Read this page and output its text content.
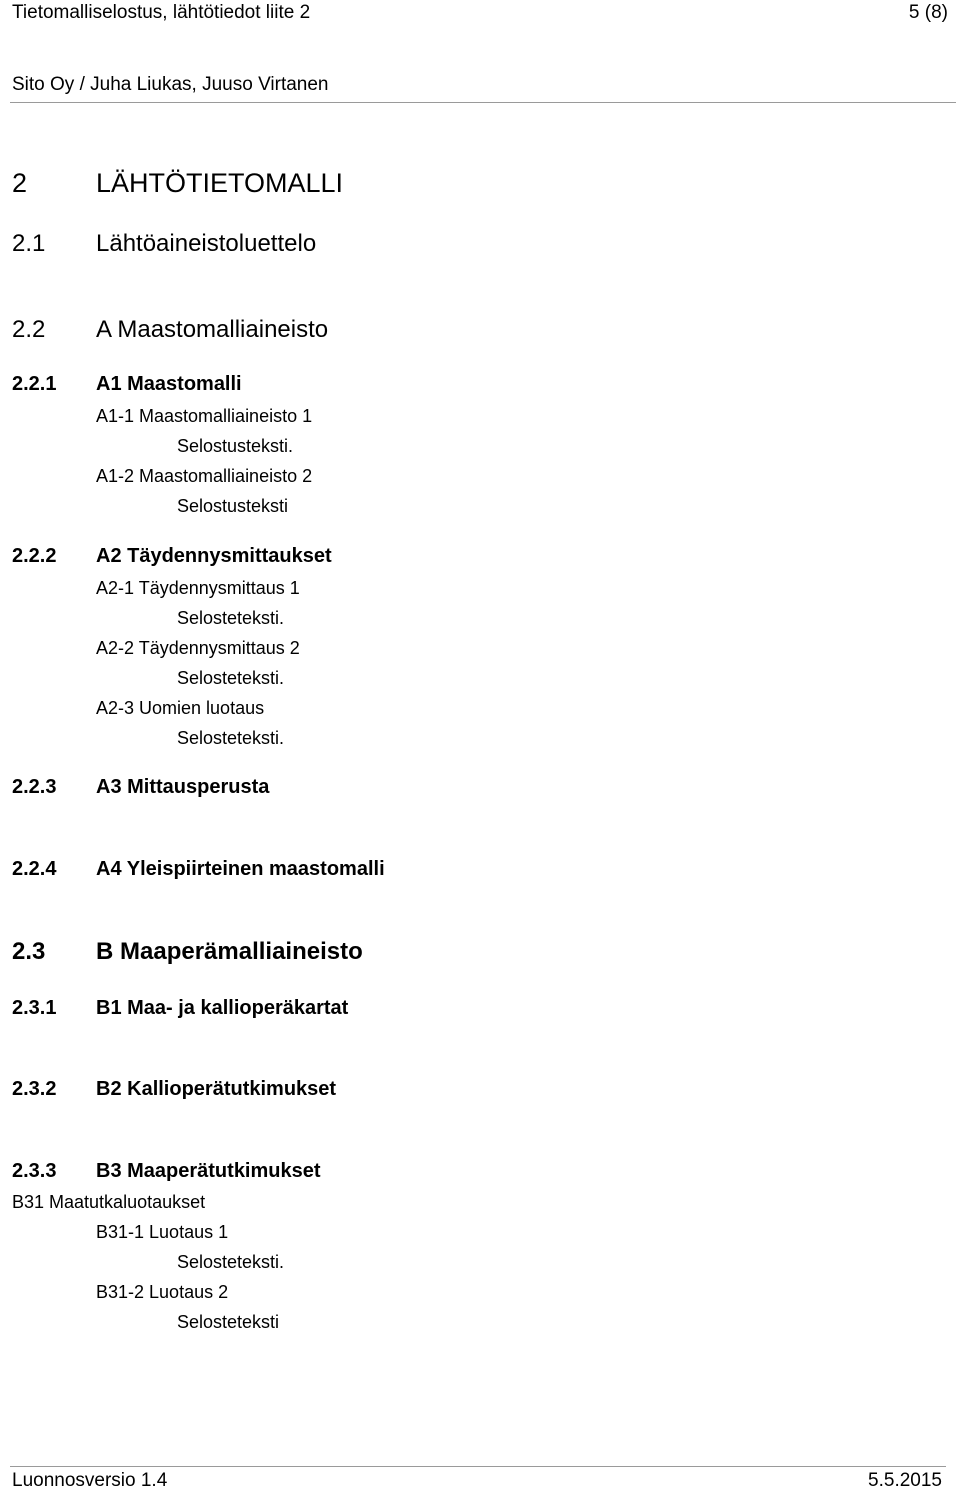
Tietomalliselostus, lähtötiedot liite 2	5 (8)
Sito Oy / Juha Liukas, Juuso Virtanen
2	LÄHTÖTIETOMALLI
2.1 Lähtöaineistoluettelo
2.2 A Maastomalliaineisto
2.2.1 A1 Maastomalli
A1-1 Maastomalliaineisto 1
Selostusteksti.
A1-2 Maastomalliaineisto 2
Selostusteksti
2.2.2 A2 Täydennysmittaukset
A2-1 Täydennysmittaus 1
Selosteteksti.
A2-2 Täydennysmittaus 2
Selosteteksti.
A2-3 Uomien luotaus
Selosteteksti.
2.2.3 A3 Mittausperusta
2.2.4 A4 Yleispiirteinen maastomalli
2.3 B Maaperämalliaineisto
2.3.1 B1 Maa- ja kallioperäkartat
2.3.2 B2 Kallioperätutkimukset
2.3.3 B3 Maaperätutkimukset
B31 Maatutkaluotaukset
B31-1 Luotaus 1
Selosteteksti.
B31-2 Luotaus 2
Selosteteksti
Luonnosversio 1.4	5.5.2015
